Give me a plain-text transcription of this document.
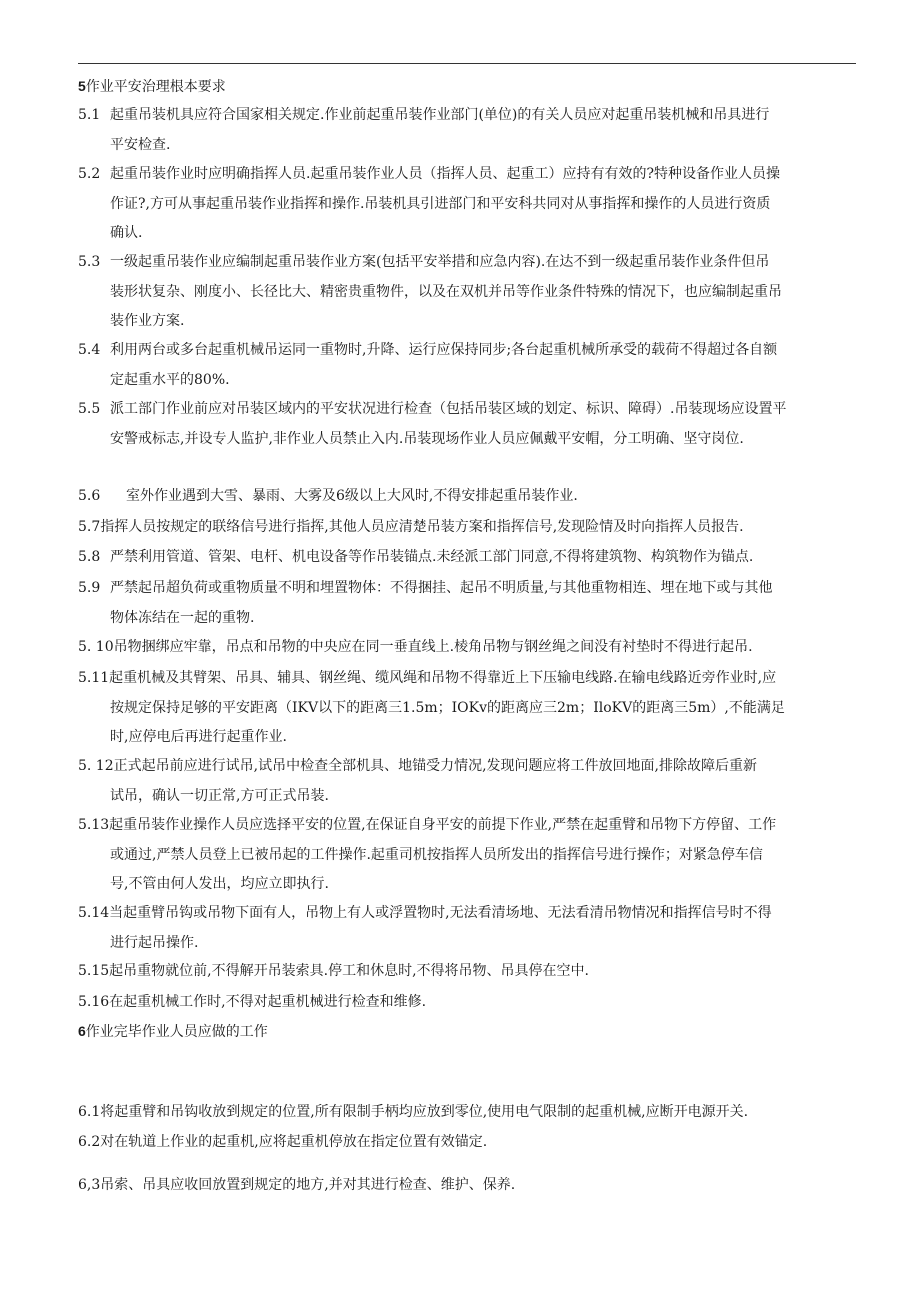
5作业平安治理根本要求
5.1 起重吊装机具应符合国家相关规定.作业前起重吊装作业部门(单位)的有关人员应对起重吊装机械和吊具进行
平安检查.
5.2 起重吊装作业时应明确指挥人员.起重吊装作业人员（指挥人员、起重工）应持有有效的?特种设备作业人员操
作证?,方可从事起重吊装作业指挥和操作.吊装机具引进部门和平安科共同对从事指挥和操作的人员进行资质
确认.
5.3 一级起重吊装作业应编制起重吊装作业方案(包括平安举措和应急内容).在达不到一级起重吊装作业条件但吊
装形状复杂、刚度小、长径比大、精密贵重物件，以及在双机并吊等作业条件特殊的情况下，也应编制起重吊
装作业方案.
5.4 利用两台或多台起重机械吊运同一重物时,升降、运行应保持同步;各台起重机械所承受的载荷不得超过各自额
定起重水平的80%.
5.5 派工部门作业前应对吊装区域内的平安状况进行检查（包括吊装区域的划定、标识、障碍）.吊装现场应设置平
安警戒标志,并设专人监护,非作业人员禁止入内.吊装现场作业人员应佩戴平安帽，分工明确、坚守岗位.
5.6 室外作业遇到大雪、暴雨、大雾及6级以上大风时,不得安排起重吊装作业.
5.7指挥人员按规定的联络信号进行指挥,其他人员应清楚吊装方案和指挥信号,发现险情及时向指挥人员报告.
5.8 严禁利用管道、管架、电杆、机电设备等作吊装锚点.未经派工部门同意,不得将建筑物、构筑物作为锚点.
5.9 严禁起吊超负荷或重物质量不明和埋置物体：不得捆挂、起吊不明质量,与其他重物相连、埋在地下或与其他
物体冻结在一起的重物.
5. 10吊物捆绑应牢靠，吊点和吊物的中央应在同一垂直线上.棱角吊物与钢丝绳之间没有衬垫时不得进行起吊.
5.11起重机械及其臂架、吊具、辅具、钢丝绳、缆风绳和吊物不得靠近上下压输电线路.在输电线路近旁作业时,应
按规定保持足够的平安距离（IKV以下的距离三1.5m；IOKv的距离应三2m；IloKV的距离三5m）,不能满足
时,应停电后再进行起重作业.
5. 12正式起吊前应进行试吊,试吊中检查全部机具、地锚受力情况,发现问题应将工件放回地面,排除故障后重新
试吊，确认一切正常,方可正式吊装.
5.13起重吊装作业操作人员应选择平安的位置,在保证自身平安的前提下作业,严禁在起重臂和吊物下方停留、工作
或通过,严禁人员登上已被吊起的工件操作.起重司机按指挥人员所发出的指挥信号进行操作；对紧急停车信
号,不管由何人发出，均应立即执行.
5.14当起重臂吊钩或吊物下面有人，吊物上有人或浮置物时,无法看清场地、无法看清吊物情况和指挥信号时不得
进行起吊操作.
5.15起吊重物就位前,不得解开吊装索具.停工和休息时,不得将吊物、吊具停在空中.
5.16在起重机械工作时,不得对起重机械进行检查和维修.
6作业完毕作业人员应做的工作
6.1将起重臂和吊钩收放到规定的位置,所有限制手柄均应放到零位,使用电气限制的起重机械,应断开电源开关.
6.2对在轨道上作业的起重机,应将起重机停放在指定位置有效锚定.
6,3吊索、吊具应收回放置到规定的地方,并对其进行检查、维护、保养.
